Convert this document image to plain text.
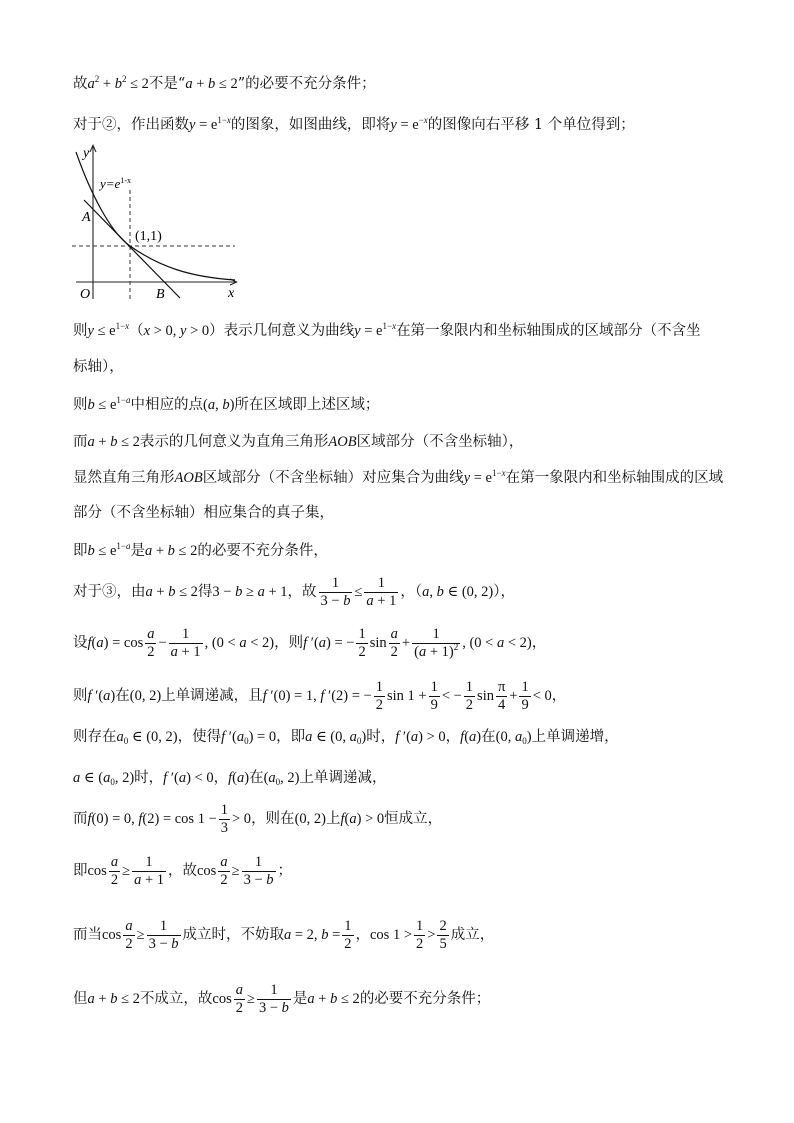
故$a^2 + b^2 \le 2$不是“a + b ≤ 2”的必要不充分条件；
对于②，作出函数$y = e^{1-x}$的图象，如图曲线，即将$y = e^{-x}$的图像向右平移 1 个单位得到；
y
x
O
$y=e^{1-x}$
(1,1)
A
B
则$y \le e^{1-x}(x > 0$, y > 0）表示几何意义为曲线$y = e^{1-x}$在第一象限内和坐标轴围成的区域部分（不含坐
标轴），
则$b \le e^{1-a}$中相应的点(a, b)所在区域即上述区域；
而a + b ≤ 2表示的几何意义为直角三角形AOB区域部分（不含坐标轴），
显然直角三角形AOB区域部分（不含坐标轴）对应集合为曲线$y = e^{1-x}$在第一象限内和坐标轴围成的区域
部分（不含坐标轴）相应集合的真子集，
即$b \le e^{1-a}$是a + b ≤ 2的必要不充分条件，
对于③，由a + b ≤ 2得3 − b ≥ a + 1，故 $\frac{1}{3 - b} \le \frac{1}{a + 1}$ ，（a, b ∈ (0, 2)），
设$f(a) = \cos \frac{a}{2} - \frac{1}{a + 1}$ , (0 < a < 2)，则f ′(a) = − $\frac{1}{2}$ $\sin \frac{a}{2} + \frac{1}{(a + 1)^2}$ , (0 < a < 2)，
则f ′(a)在(0, 2)上单调递减，且f ′(0) = 1, f ′(2) = − $\frac{1}{2}$ $\sin 1 + \frac{1}{9}$ < − $\frac{1}{2}$ $\sin \frac{\pi}{4} + \frac{1}{9} < 0$，
则存在$a_0$ ∈ (0, 2)，使得f $'(a_0) = 0$，即a ∈ (0, $a_0$)时，f ′(a) > 0，f(a)在(0, $a_0$)上单调递增，
a ∈ ($a_0$, 2)时，f ′(a) < 0，f(a)在($a_0$, 2)上单调递减，
而f(0) = 0, $f(2) = \cos 1 - \frac{1}{3} > 0$，则在(0, 2)上f(a) > 0恒成立，
即$\cos \frac{a}{2} \ge \frac{1}{a + 1}$ ，故$\cos \frac{a}{2} \ge \frac{1}{3 - b}$ ；
而当$\cos \frac{a}{2} \ge \frac{1}{3 - b}$ 成立时，不妨取a = 2, $b = \frac{1}{2}$ ，$\cos 1 > \frac{1}{2} > \frac{2}{5}$ 成立，
但a + b ≤ 2不成立，故$\cos \frac{a}{2} \ge \frac{1}{3 - b}$ 是a + b ≤ 2的必要不充分条件；
